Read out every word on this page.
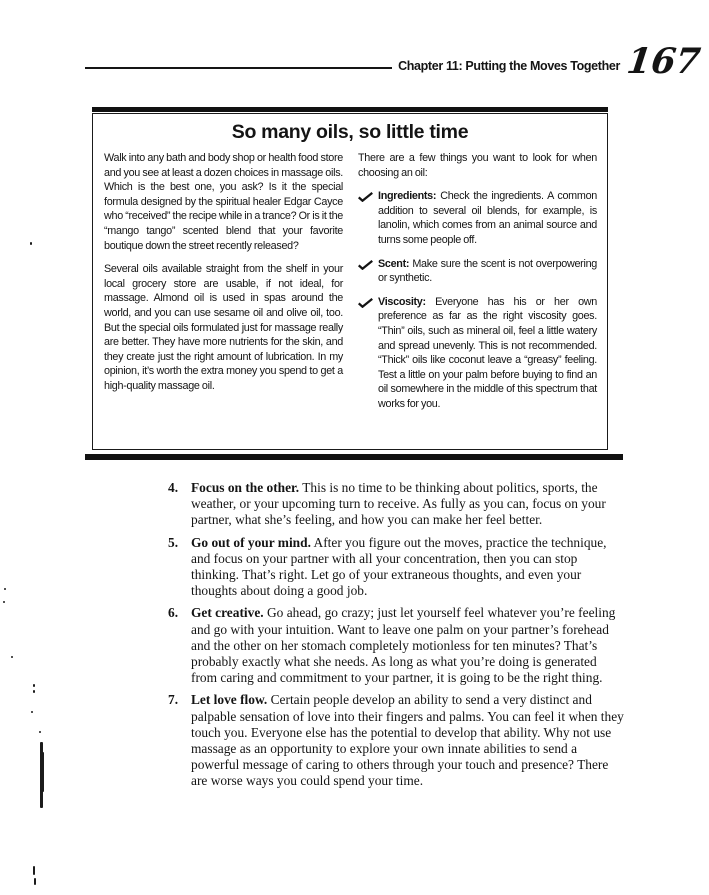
Chapter 11: Putting the Moves Together 167
So many oils, so little time

Walk into any bath and body shop or health food store and you see at least a dozen choices in massage oils. Which is the best one, you ask? Is it the special formula designed by the spiritual healer Edgar Cayce who “received” the recipe while in a trance? Or is it the “mango tango” scented blend that your favorite boutique down the street recently released?

Several oils available straight from the shelf in your local grocery store are usable, if not ideal, for massage. Almond oil is used in spas around the world, and you can use sesame oil and olive oil, too. But the special oils formulated just for massage really are better. They have more nutrients for the skin, and they create just the right amount of lubrication. In my opinion, it’s worth the extra money you spend to get a high-quality massage oil.

There are a few things you want to look for when choosing an oil:

Ingredients: Check the ingredients. A common addition to several oil blends, for example, is lanolin, which comes from an animal source and turns some people off.
Scent: Make sure the scent is not overpowering or synthetic.
Viscosity: Everyone has his or her own preference as far as the right viscosity goes. “Thin” oils, such as mineral oil, feel a little watery and spread unevenly. This is not recommended. “Thick” oils like coconut leave a “greasy” feeling. Test a little on your palm before buying to find an oil somewhere in the middle of this spectrum that works for you.
4. Focus on the other. This is no time to be thinking about politics, sports, the weather, or your upcoming turn to receive. As fully as you can, focus on your partner, what she’s feeling, and how you can make her feel better.
5. Go out of your mind. After you figure out the moves, practice the technique, and focus on your partner with all your concentration, then you can stop thinking. That’s right. Let go of your extraneous thoughts, and even your thoughts about doing a good job.
6. Get creative. Go ahead, go crazy; just let yourself feel whatever you’re feeling and go with your intuition. Want to leave one palm on your partner’s forehead and the other on her stomach completely motionless for ten minutes? That’s probably exactly what she needs. As long as what you’re doing is generated from caring and commitment to your partner, it is going to be the right thing.
7. Let love flow. Certain people develop an ability to send a very distinct and palpable sensation of love into their fingers and palms. You can feel it when they touch you. Everyone else has the potential to develop that ability. Why not use massage as an opportunity to explore your own innate abilities to send a powerful message of caring to others through your touch and presence? There are worse ways you could spend your time.
